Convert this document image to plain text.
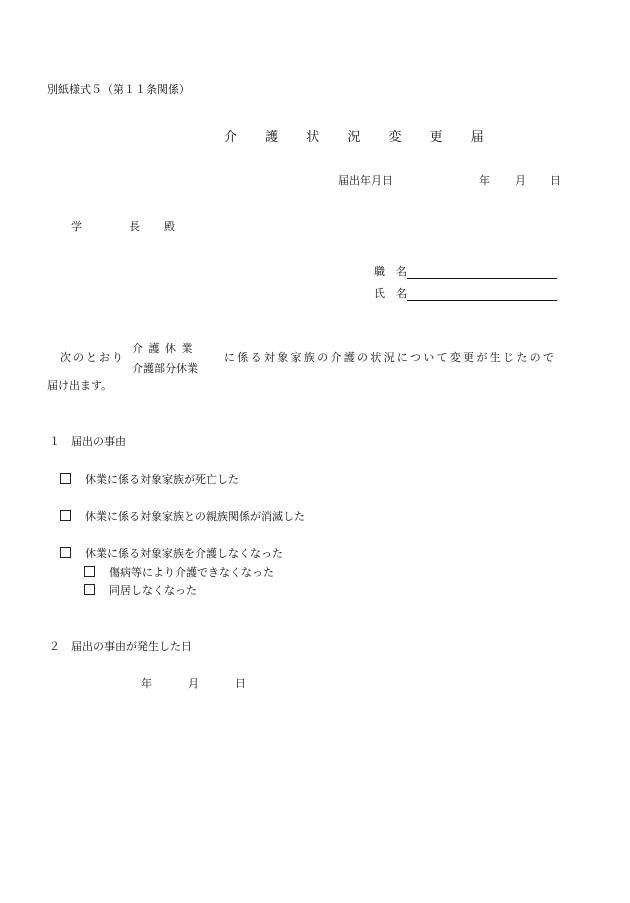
別紙様式５（第１１条関係）
介 護 状 況 変 更 届
届出年月日	年 月 日
学	長 殿
職　名
氏　名
次のとおり
介 護 休 業
介護部分休業
に係る対象家族の介護の状況について変更が生じたので
届け出ます。
１　届出の事由
休業に係る対象家族が死亡した
休業に係る対象家族との親族関係が消滅した
休業に係る対象家族を介護しなくなった
傷病等により介護できなくなった
同居しなくなった
２　届出の事由が発生した日
年	月	日
